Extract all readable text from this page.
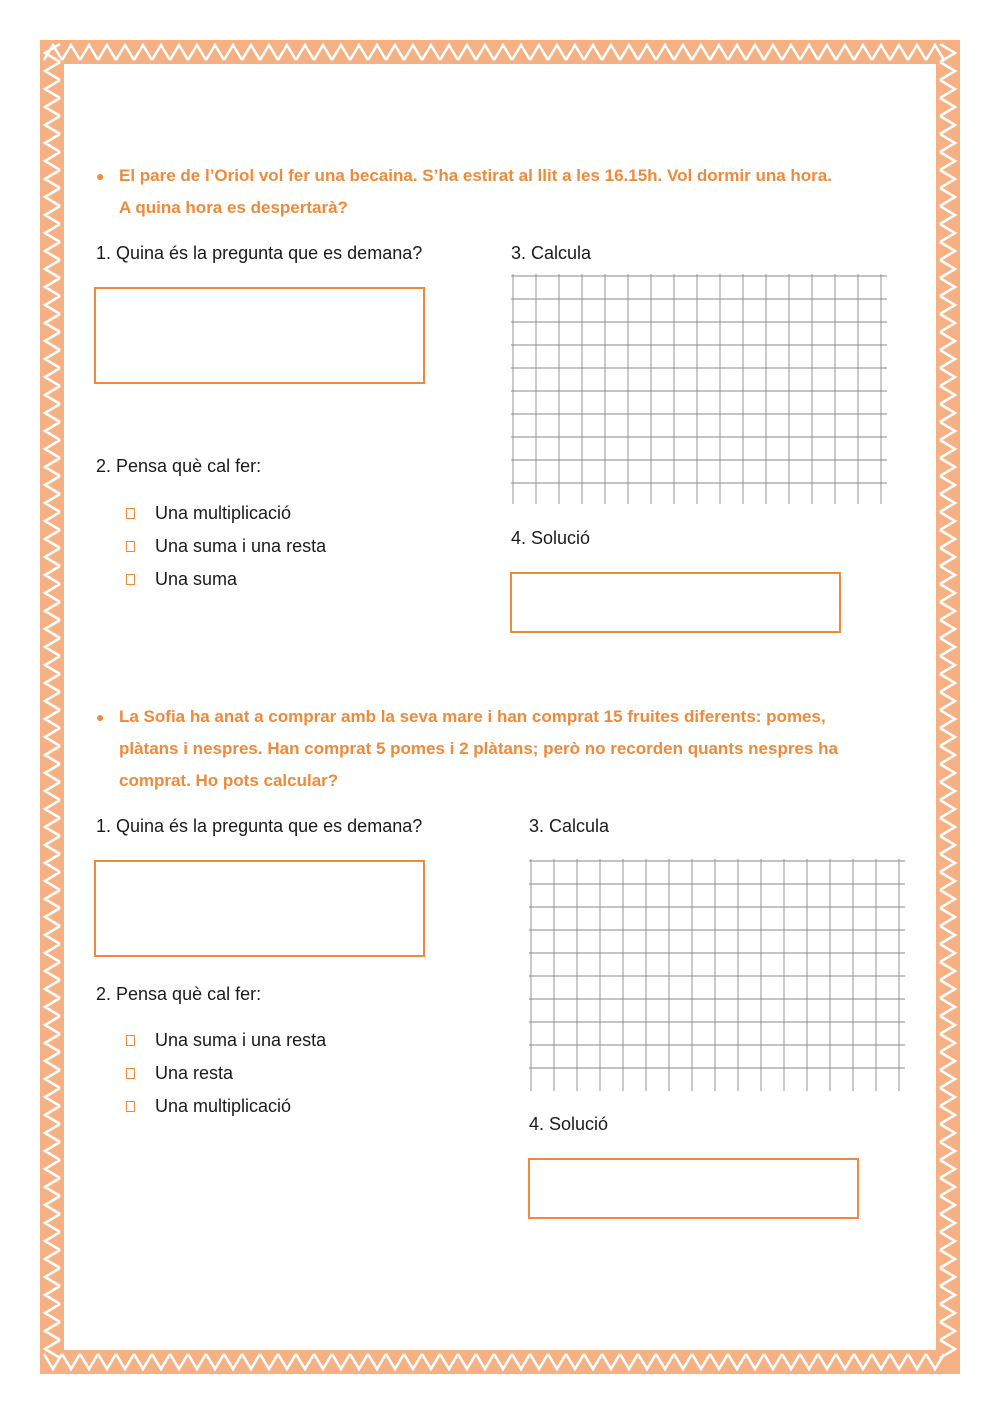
● El pare de l’Oriol vol fer una becaina. S’ha estirat al llit a les 16.15h. Vol dormir una hora.
A quina hora es despertarà?
1. Quina és la pregunta que es demana?
2. Pensa què cal fer:
Una multiplicació
Una suma i una resta
Una suma
3. Calcula
4. Solució
● La Sofia ha anat a comprar amb la seva mare i han comprat 15 fruites diferents: pomes,
plàtans i nespres. Han comprat 5 pomes i 2 plàtans; però no recorden quants nespres ha
comprat. Ho pots calcular?
1. Quina és la pregunta que es demana?
2. Pensa què cal fer:
Una suma i una resta
Una resta
Una multiplicació
3. Calcula
4. Solució
